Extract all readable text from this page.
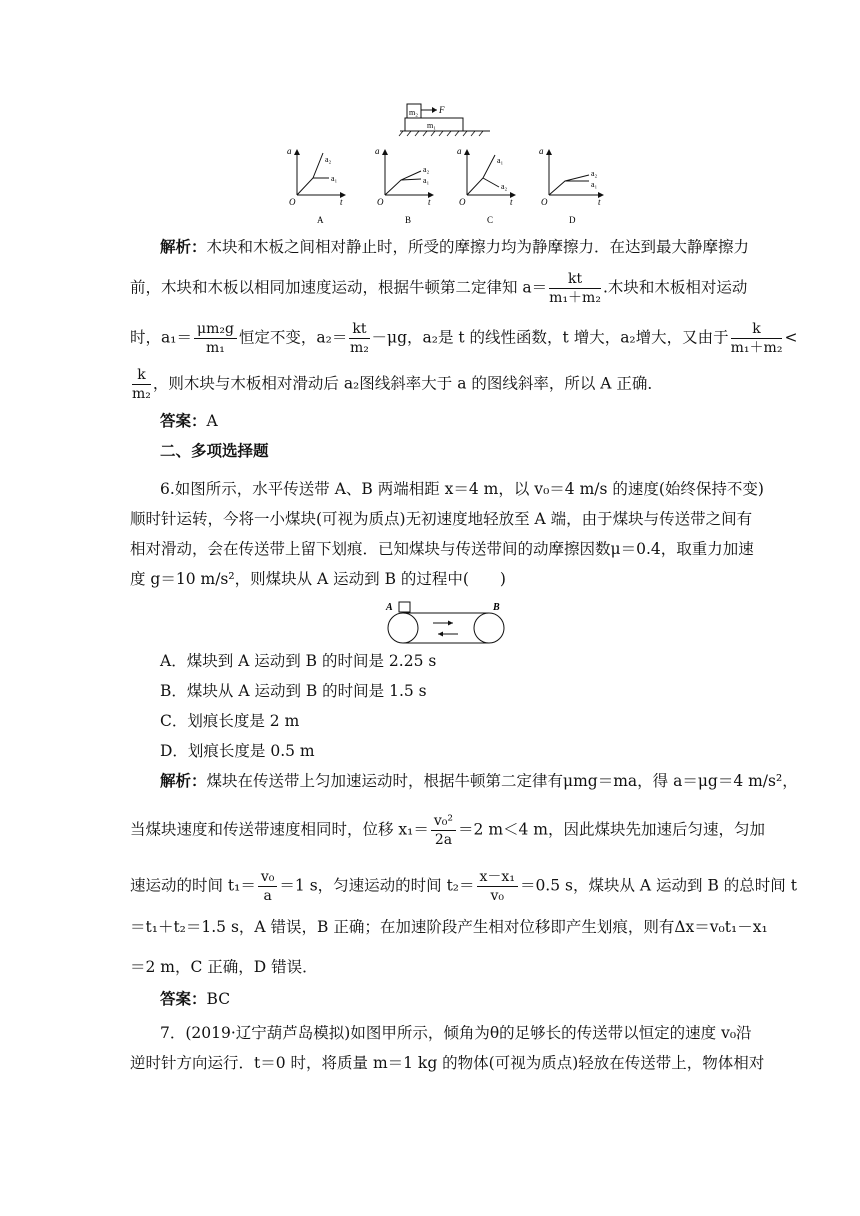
m₂ F
m₁
a
O	t
a₂
a₁
A
a
O	t
a₂
a₁
B
a
O	t
a₁
a₂
C
a
O	t
a₂
a₁
D
解析：木块和木板之间相对静止时，所受的摩擦力均为静摩擦力．在达到最大静摩擦力
前，木块和木板以相同加速度运动，根据牛顿第二定律知 $a= \frac{kt}{\text{m₁＋m₂}}$ .木块和木板相对运动
时，$a_1= \frac{\text{μm₂g}}{\text{m₁}}$ 恒定不变，$a_2= \frac{kt}{\text{m₂}} -\mu g$，a₂是 t 的线性函数，t 增大，a₂增大，又由于 $\frac{k}{\text{m₁＋m₂}}$ <
$\frac{k}{\text{m₂}}$ ，则木块与木板相对滑动后 a₂图线斜率大于 a 的图线斜率，所以 A 正确．
答案：A
二、多项选择题
6.如图所示，水平传送带 A、B 两端相距 x＝4 m，以 v₀＝4 m/s 的速度(始终保持不变)
顺时针运转，今将一小煤块(可视为质点)无初速度地轻放至 A 端，由于煤块与传送带之间有
相对滑动，会在传送带上留下划痕．已知煤块与传送带间的动摩擦因数μ＝0.4，取重力加速
度 g＝10 m/s²，则煤块从 A 运动到 B 的过程中(　　)
A	B
A．煤块到 A 运动到 B 的时间是 2.25 s
B．煤块从 A 运动到 B 的时间是 1.5 s
C．划痕长度是 2 m
D．划痕长度是 0.5 m
解析：煤块在传送带上匀加速运动时，根据牛顿第二定律有μmg＝ma，得 a＝μg＝4 m/s²，
当煤块速度和传送带速度相同时，位移 $x_1= \frac{\text{v₀²}}{2a} =2$ m＜4 m，因此煤块先加速后匀速，匀加
速运动的时间 $t_1= \frac{\text{v₀}}{a} =1$ s，匀速运动的时间 $t_2= \frac{\text{x－x₁}}{\text{v₀}} =0.5$ s，煤块从 A 运动到 B 的总时间 t
＝t₁＋t₂＝1.5 s，A 错误，B 正确；在加速阶段产生相对位移即产生划痕，则有Δx＝v₀t₁－x₁
＝2 m，C 正确，D 错误．
答案：BC
7．(2019·辽宁葫芦岛模拟)如图甲所示，倾角为θ的足够长的传送带以恒定的速度 v₀沿
逆时针方向运行．t＝0 时，将质量 m＝1 kg 的物体(可视为质点)轻放在传送带上，物体相对
